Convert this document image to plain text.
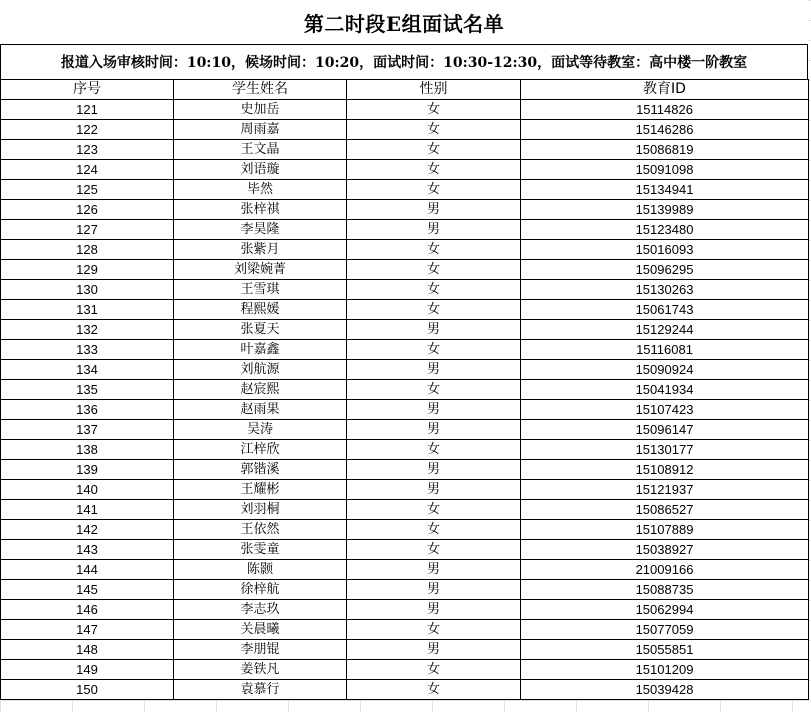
第二时段E组面试名单
报道入场审核时间：10:10，候场时间：10:20，面试时间：10:30-12:30，面试等待教室：高中楼一阶教室
序号	学生姓名	性别	教育ID
121	史加岳	女	15114826
122	周雨嘉	女	15146286
123	王文晶	女	15086819
124	刘语璇	女	15091098
125	毕然	女	15134941
126	张梓祺	男	15139989
127	李昊隆	男	15123480
128	张紫月	女	15016093
129	刘梁婉菁	女	15096295
130	王雪琪	女	15130263
131	程熙媛	女	15061743
132	张夏天	男	15129244
133	叶嘉鑫	女	15116081
134	刘航源	男	15090924
135	赵宸熙	女	15041934
136	赵雨果	男	15107423
137	吴涛	男	15096147
138	江梓欣	女	15130177
139	郭锴溪	男	15108912
140	王耀彬	男	15121937
141	刘羽桐	女	15086527
142	王依然	女	15107889
143	张雯童	女	15038927
144	陈颢	男	21009166
145	徐梓航	男	15088735
146	李志玖	男	15062994
147	关晨曦	女	15077059
148	李朋锟	男	15055851
149	姜铁凡	女	15101209
150	袁慕行	女	15039428
